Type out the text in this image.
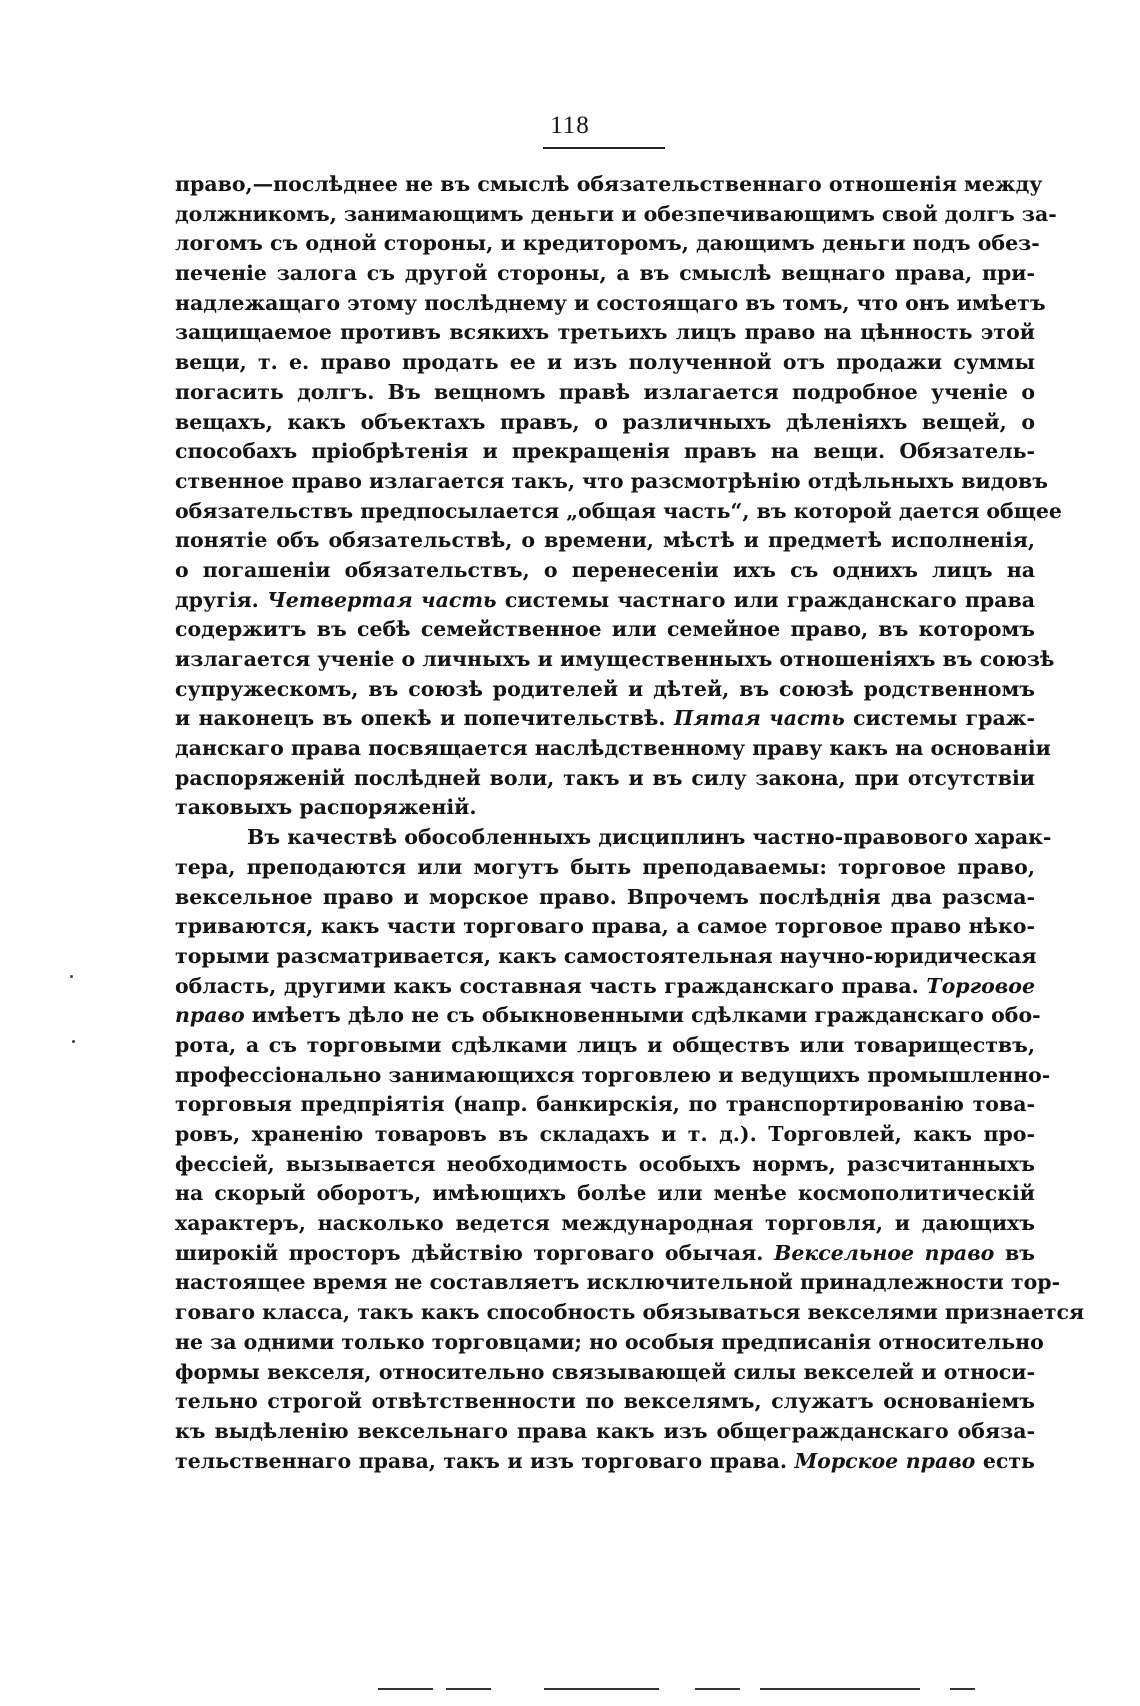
118
право,—послѣднее не въ смыслѣ обязательственнаго отношенія между
должникомъ, занимающимъ деньги и обезпечивающимъ свой долгъ за-
логомъ съ одной стороны, и кредиторомъ, дающимъ деньги подъ обез-
печеніе залога съ другой стороны, а въ смыслѣ вещнаго права, при-
надлежащаго этому послѣднему и состоящаго въ томъ, что онъ имѣетъ
защищаемое противъ всякихъ третьихъ лицъ право на цѣнность этой
вещи, т. е. право продать ее и изъ полученной отъ продажи суммы
погасить долгъ. Въ вещномъ правѣ излагается подробное ученіе о
вещахъ, какъ объектахъ правъ, о различныхъ дѣленіяхъ вещей, о
способахъ пріобрѣтенія и прекращенія правъ на вещи. Обязатель-
ственное право излагается такъ, что разсмотрѣнію отдѣльныхъ видовъ
обязательствъ предпосылается „общая часть“, въ которой дается общее
понятіе объ обязательствѣ, о времени, мѣстѣ и предметѣ исполненія,
о погашеніи обязательствъ, о перенесеніи ихъ съ однихъ лицъ на
другія. Четвертая часть системы частнаго или гражданскаго права
содержитъ въ себѣ семейственное или семейное право, въ которомъ
излагается ученіе о личныхъ и имущественныхъ отношеніяхъ въ союзѣ
супружескомъ, въ союзѣ родителей и дѣтей, въ союзѣ родственномъ
и наконецъ въ опекѣ и попечительствѣ. Пятая часть системы граж-
данскаго права посвящается наслѣдственному праву какъ на основаніи
распоряженій послѣдней воли, такъ и въ силу закона, при отсутствіи
таковыхъ распоряженій.
Въ качествѣ обособленныхъ дисциплинъ частно-правового харак-
тера, преподаются или могутъ быть преподаваемы: торговое право,
вексельное право и морское право. Впрочемъ послѣднія два разсма-
триваются, какъ части торговаго права, а самое торговое право нѣко-
торыми разсматривается, какъ самостоятельная научно-юридическая
область, другими какъ составная часть гражданскаго права. Торговое
право имѣетъ дѣло не съ обыкновенными сдѣлками гражданскаго обо-
рота, а съ торговыми сдѣлками лицъ и обществъ или товариществъ,
профессіонально занимающихся торговлею и ведущихъ промышленно-
торговыя предпріятія (напр. банкирскія, по транспортированію това-
ровъ, храненію товаровъ въ складахъ и т. д.). Торговлей, какъ про-
фессіей, вызывается необходимость особыхъ нормъ, разсчитанныхъ
на скорый оборотъ, имѣющихъ болѣе или менѣе космополитическій
характеръ, насколько ведется международная торговля, и дающихъ
широкій просторъ дѣйствію торговаго обычая. Вексельное право въ
настоящее время не составляетъ исключительной принадлежности тор-
говаго класса, такъ какъ способность обязываться векселями признается
не за одними только торговцами; но особыя предписанія относительно
формы векселя, относительно связывающей силы векселей и относи-
тельно строгой отвѣтственности по векселямъ, служатъ основаніемъ
къ выдѣленію вексельнаго права какъ изъ общегражданскаго обяза-
тельственнаго права, такъ и изъ торговаго права. Морское право есть
